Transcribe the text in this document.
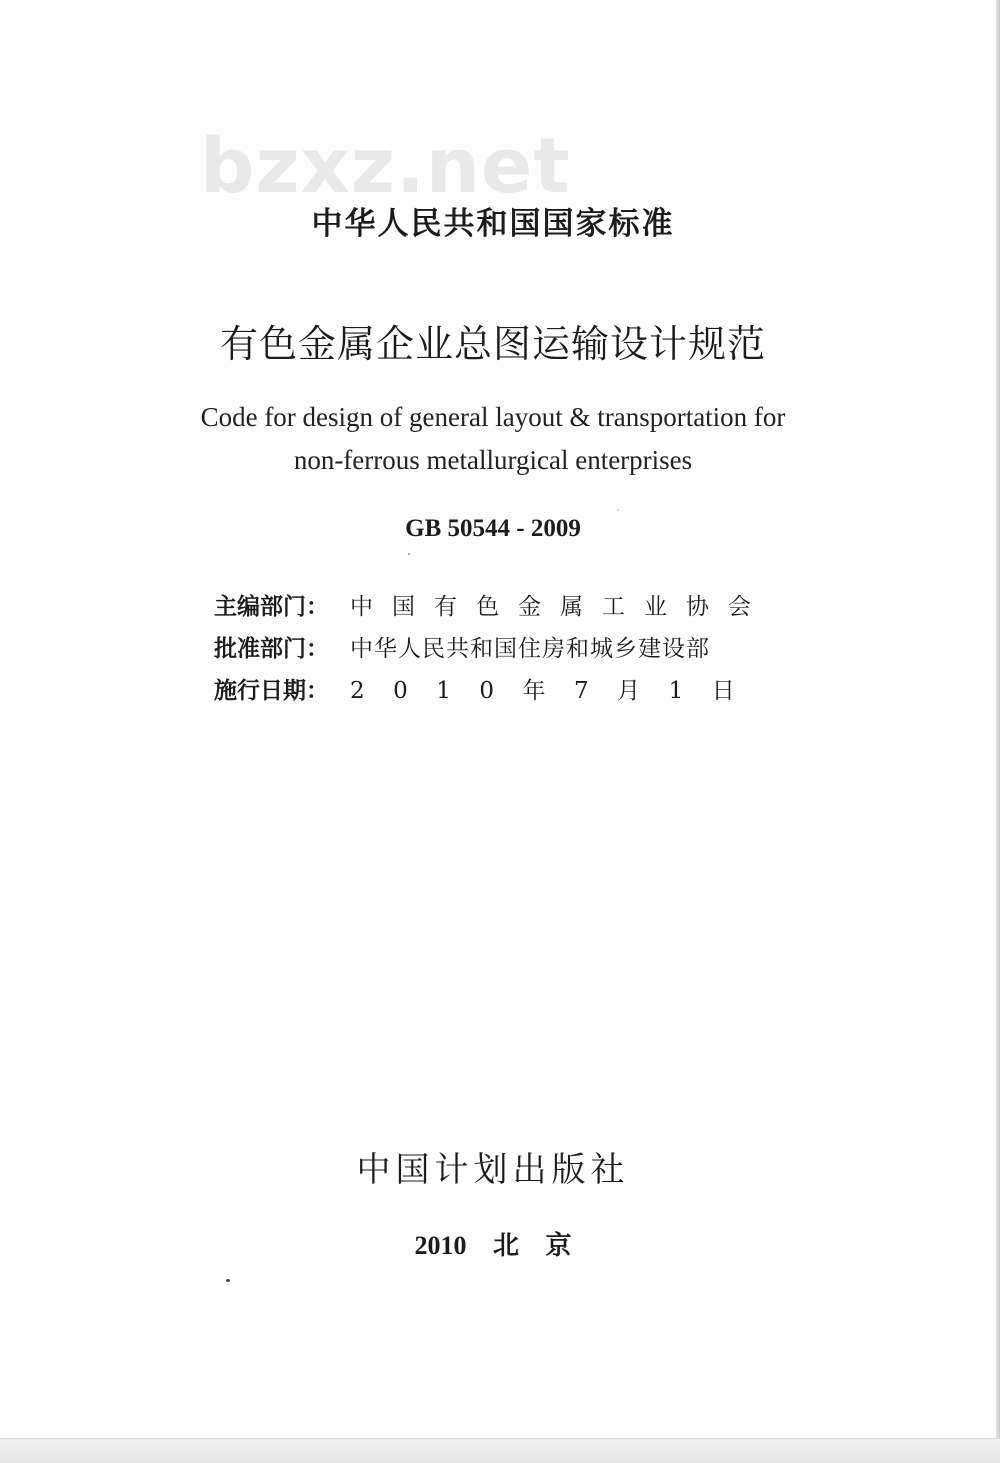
bzxz.net
中华人民共和国国家标准
有色金属企业总图运输设计规范
Code for design of general layout & transportation for
non-ferrous metallurgical enterprises
GB 50544 - 2009
主编部门： 中国有色金属工业协会
批准部门： 中华人民共和国住房和城乡建设部
施行日期： 2010年7月1日
中国计划出版社
2010 北 京
